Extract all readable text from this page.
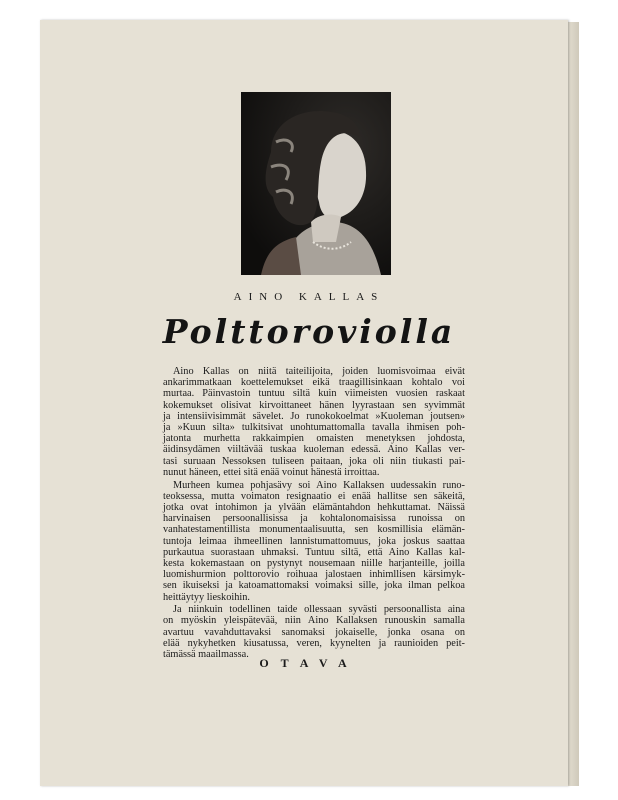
AINO KALLAS
Polttoroviolla
Aino Kallas on niitä taiteilijoita, joiden luomisvoimaa eivät
ankarimmatkaan koettelemukset eikä traagillisinkaan kohtalo voi
murtaa. Päinvastoin tuntuu siltä kuin viimeisten vuosien raskaat
kokemukset olisivat kirvoittaneet hänen lyyrastaan sen syvimmät
ja intensiivisimmät sävelet. Jo runokokoelmat »Kuoleman joutsen»
ja »Kuun silta» tulkitsivat unohtumattomalla tavalla ihmisen poh-
jatonta murhetta rakkaimpien omaisten menetyksen johdosta,
äidinsydämen viiltävää tuskaa kuoleman edessä. Aino Kallas ver-
tasi suruaan Nessoksen tuliseen paitaan, joka oli niin tiukasti pai-
nunut häneen, ettei sitä enää voinut hänestä irroittaa.
Murheen kumea pohjasävy soi Aino Kallaksen uudessakin runo-
teoksessa, mutta voimaton resignaatio ei enää hallitse sen säkeitä,
jotka ovat intohimon ja ylvään elämäntahdon hehkuttamat. Näissä
harvinaisen persoonallisissa ja kohtalonomaisissa runoissa on
vanhatestamentillista monumentaalisuutta, sen kosmillisia elämän-
tuntoja leimaa ihmeellinen lannistumattomuus, joka joskus saattaa
purkautua suorastaan uhmaksi. Tuntuu siltä, että Aino Kallas kal-
kesta kokemastaan on pystynyt nousemaan niille harjanteille, joilla
luomishurmion polttorovio roihuaa jalostaen inhimllisen kärsimyk-
sen ikuiseksi ja katoamattomaksi voimaksi sille, joka ilman pelkoa
heittäytyy lieskoihin.
Ja niinkuin todellinen taide ollessaan syvästi persoonallista aina
on myöskin yleispätevää, niin Aino Kallaksen runouskin samalla
avartuu vavahduttavaksi sanomaksi jokaiselle, jonka osana on
elää nykyhetken kiusatussa, veren, kyynelten ja raunioiden peit-
tämässä maailmassa.
OTAVA
